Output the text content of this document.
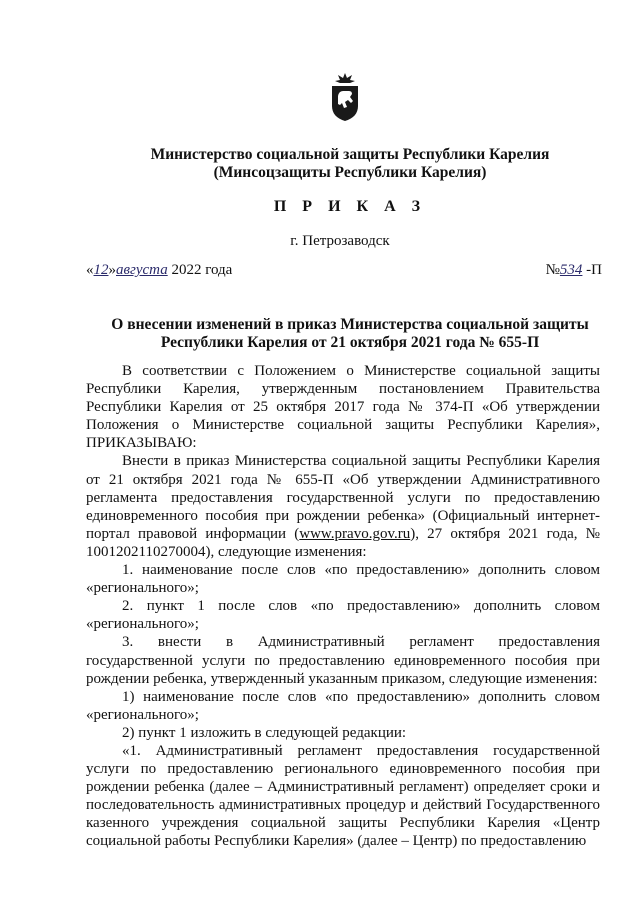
Министерство социальной защиты Республики Карелия
(Минсоцзащиты Республики Карелия)
П Р И К А З
г. Петрозаводск
«12»августа 2022 года	№534 -П
О внесении изменений в приказ Министерства социальной защиты
Республики Карелия от 21 октября 2021 года № 655-П

В соответствии с Положением о Министерстве социальной защиты Республики Карелия, утвержденным постановлением Правительства Республики Карелия от 25 октября 2017 года № 374-П «Об утверждении Положения о Министерстве социальной защиты Республики Карелия», ПРИКАЗЫВАЮ:

Внести в приказ Министерства социальной защиты Республики Карелия от 21 октября 2021 года № 655-П «Об утверждении Административного регламента предоставления государственной услуги по предоставлению единовременного пособия при рождении ребенка» (Официальный интернет-портал правовой информации (www.pravo.gov.ru), 27 октября 2021 года, № 1001202110270004), следующие изменения:

1. наименование после слов «по предоставлению» дополнить словом «регионального»;

2. пункт 1 после слов «по предоставлению» дополнить словом «регионального»;

3. внести в Административный регламент предоставления государственной услуги по предоставлению единовременного пособия при рождении ребенка, утвержденный указанным приказом, следующие изменения:

1) наименование после слов «по предоставлению» дополнить словом «регионального»;

2) пункт 1 изложить в следующей редакции:

«1. Административный регламент предоставления государственной услуги по предоставлению регионального единовременного пособия при рождении ребенка (далее – Административный регламент) определяет сроки и последовательность административных процедур и действий Государственного казенного учреждения социальной защиты Республики Карелия «Центр социальной работы Республики Карелия» (далее – Центр) по предоставлению
